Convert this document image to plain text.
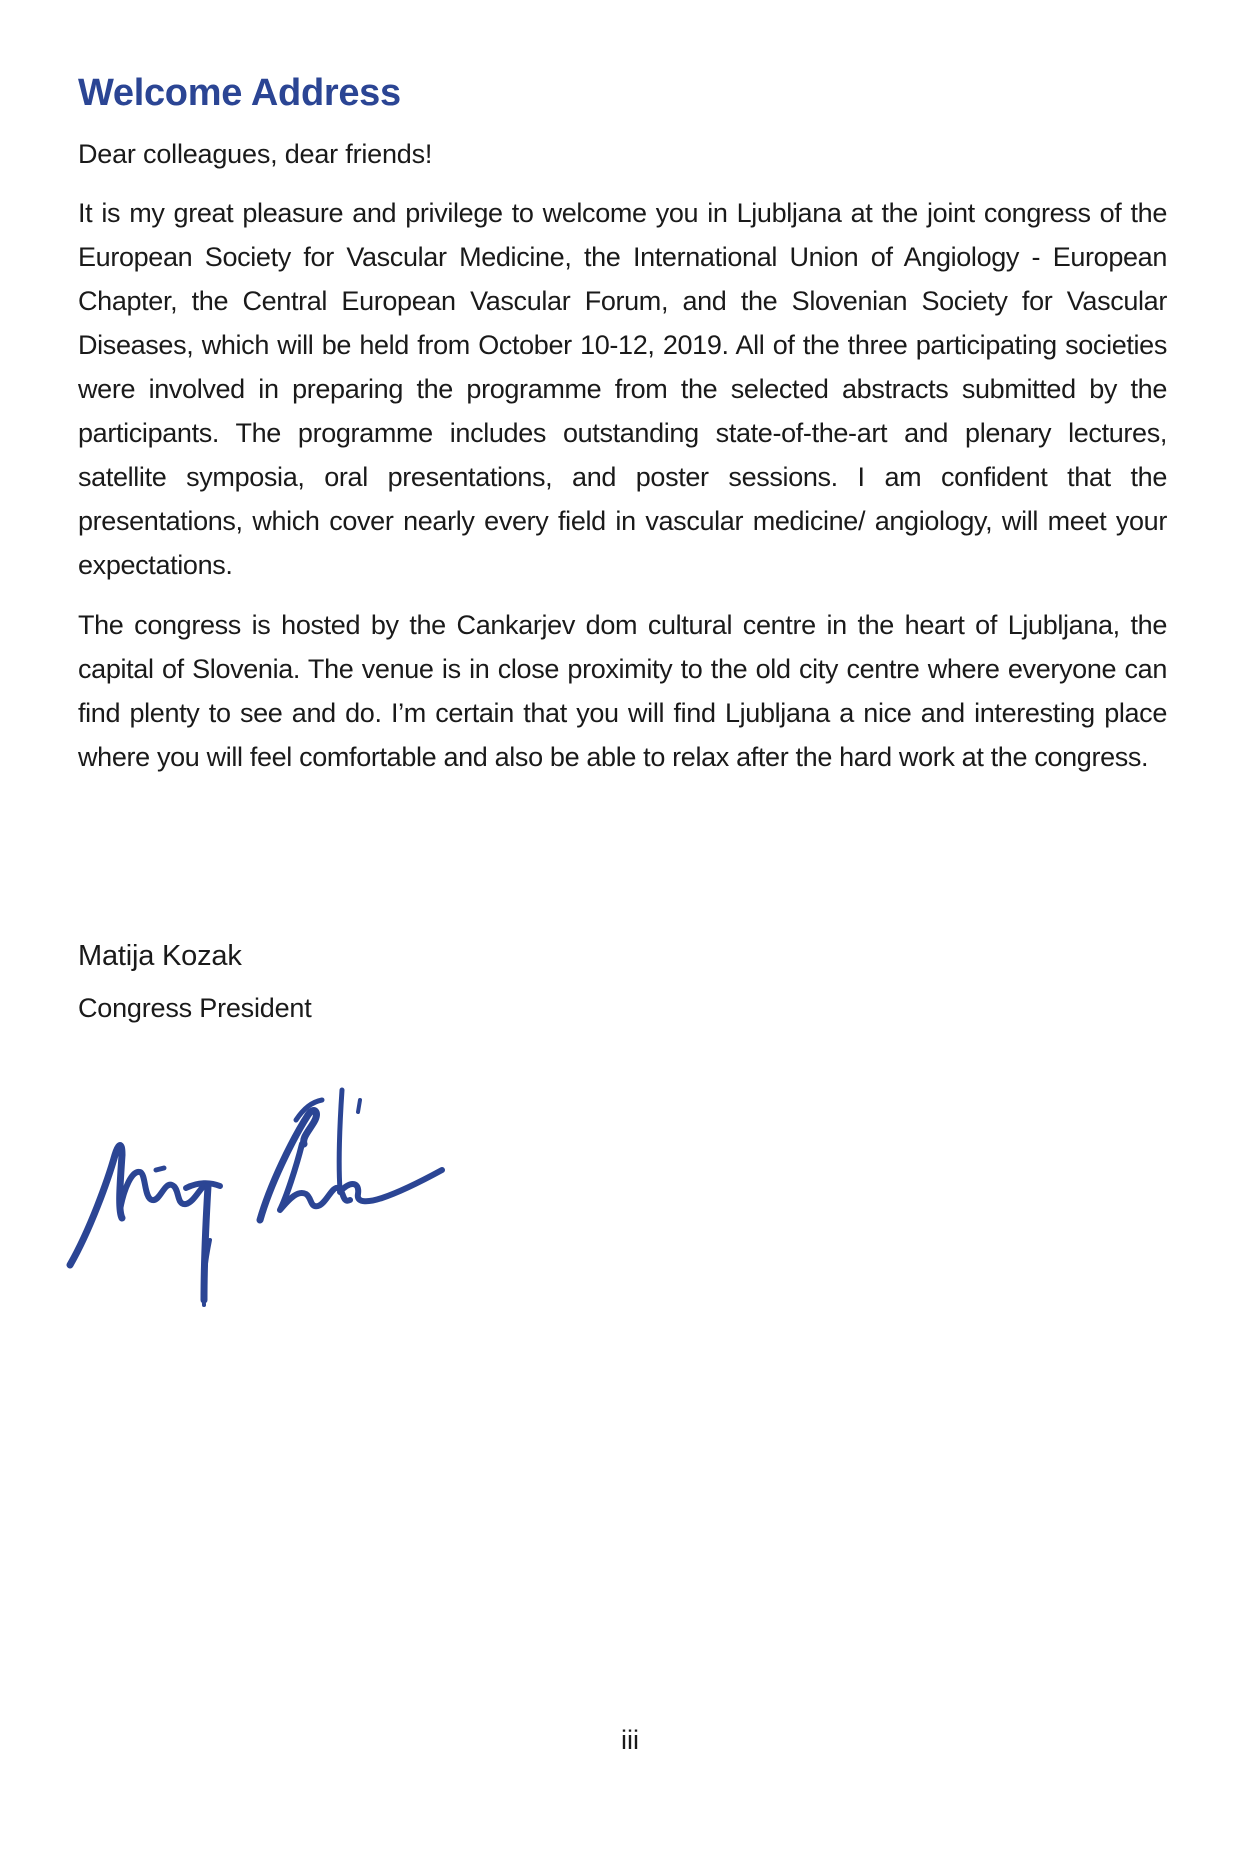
Welcome Address

Dear colleagues, dear friends!

It is my great pleasure and privilege to welcome you in Ljubljana at the joint congress of the European Society for Vascular Medicine, the International Union of Angiology - European Chapter, the Central European Vascular Forum, and the Slovenian Society for Vascular Diseases, which will be held from October 10-12, 2019. All of the three participating societies were involved in preparing the programme from the selected abstracts submitted by the participants. The programme includes outstanding state-of-the-art and plenary lectures, satellite symposia, oral presentations, and poster sessions. I am confident that the presentations, which cover nearly every field in vascular medicine/ angiology, will meet your expectations.

The congress is hosted by the Cankarjev dom cultural centre in the heart of Ljubljana, the capital of Slovenia. The venue is in close proximity to the old city centre where everyone can find plenty to see and do. I’m certain that you will find Ljubljana a nice and interesting place where you will feel comfortable and also be able to relax after the hard work at the congress.

Matija Kozak
Congress President
iii
